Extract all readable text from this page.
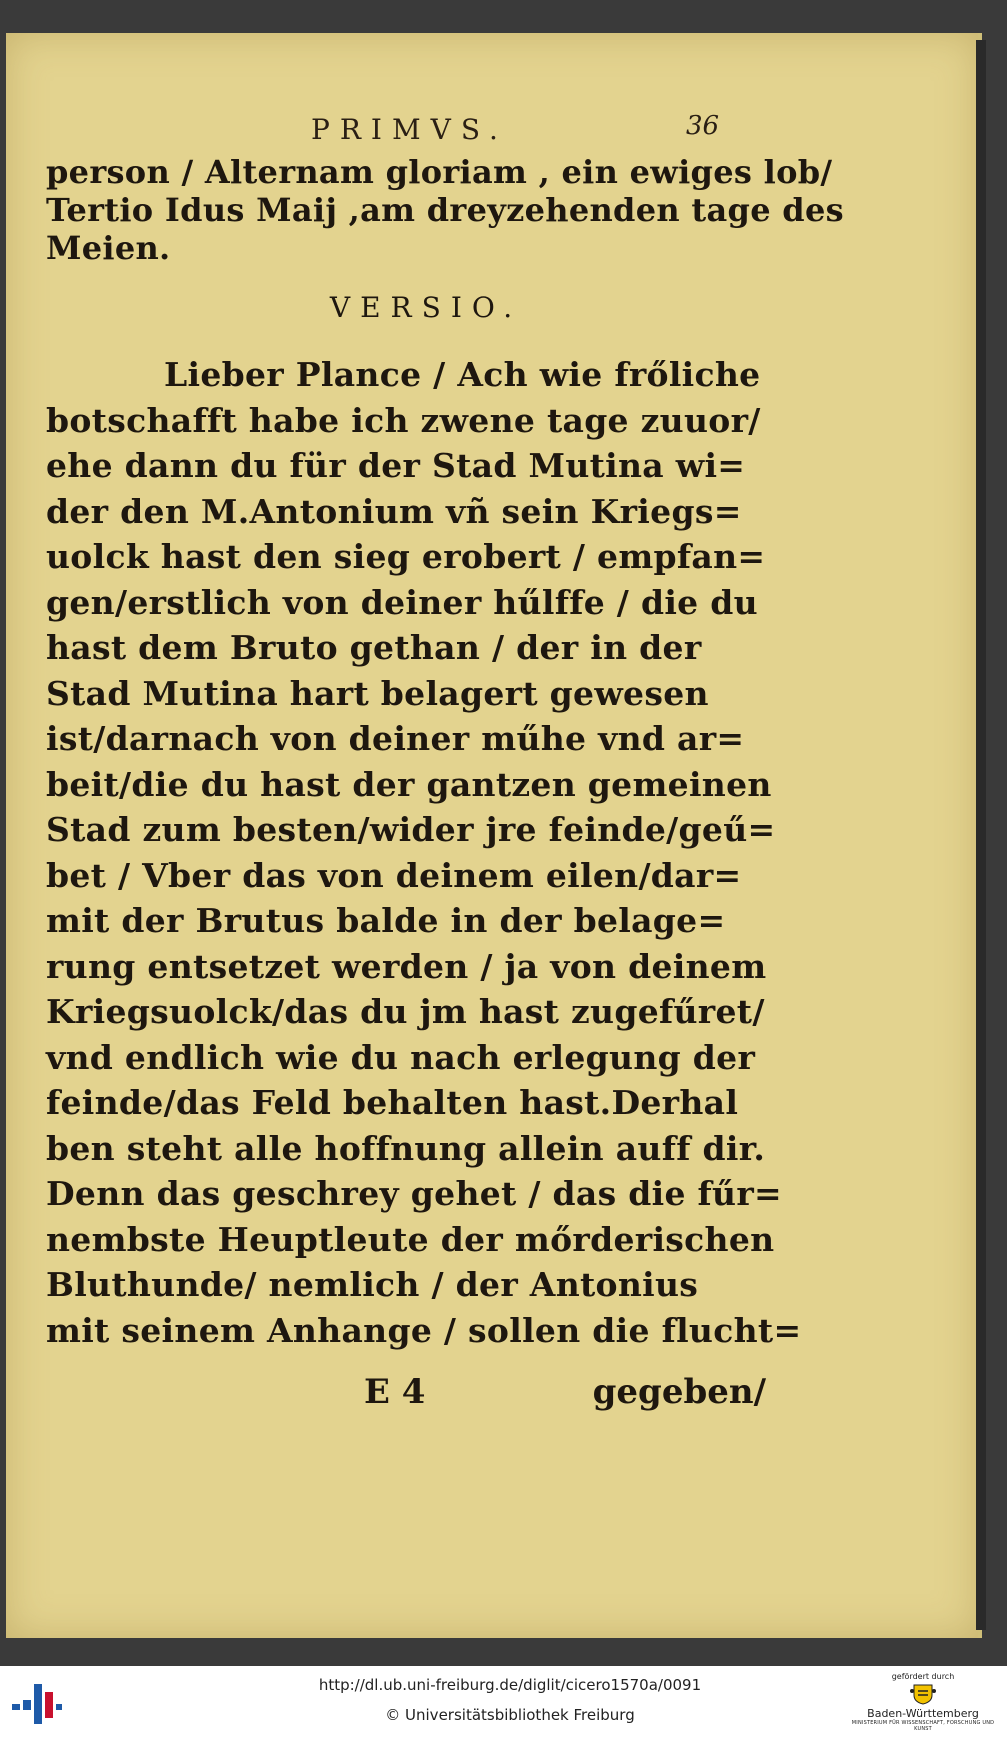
PRIMVS.	36
person / Alternam gloriam , ein ewiges lob/
Tertio Idus Maij ,am dreyzehenden tage des
Meien.
VERSIO.
Lieber Plance / Ach wie frőliche
botschafft habe ich zwene tage zuuor/
ehe dann du für der Stad Mutina wi=
der den M.Antonium vñ sein Kriegs=
uolck hast den sieg erobert / empfan=
gen/erstlich von deiner hűlffe / die du
hast dem Bruto gethan / der in der
Stad Mutina hart belagert gewesen
ist/darnach von deiner műhe vnd ar=
beit/die du hast der gantzen gemeinen
Stad zum besten/wider jre feinde/geű=
bet / Vber das von deinem eilen/dar=
mit der Brutus balde in der belage=
rung entsetzet werden / ja von deinem
Kriegsuolck/das du jm hast zugefűret/
vnd endlich wie du nach erlegung der
feinde/das Feld behalten hast.Derhal
ben steht alle hoffnung allein auff dir.
Denn das geschrey gehet / das die fűr=
nembste Heuptleute der mőrderischen
Bluthunde/ nemlich / der Antonius
mit seinem Anhange / sollen die flucht=
E 4	gegeben/
http://dl.ub.uni-freiburg.de/diglit/cicero1570a/0091
© Universitätsbibliothek Freiburg
gefördert durch
Baden-Württemberg
MINISTERIUM FÜR WISSENSCHAFT, FORSCHUNG UND KUNST
